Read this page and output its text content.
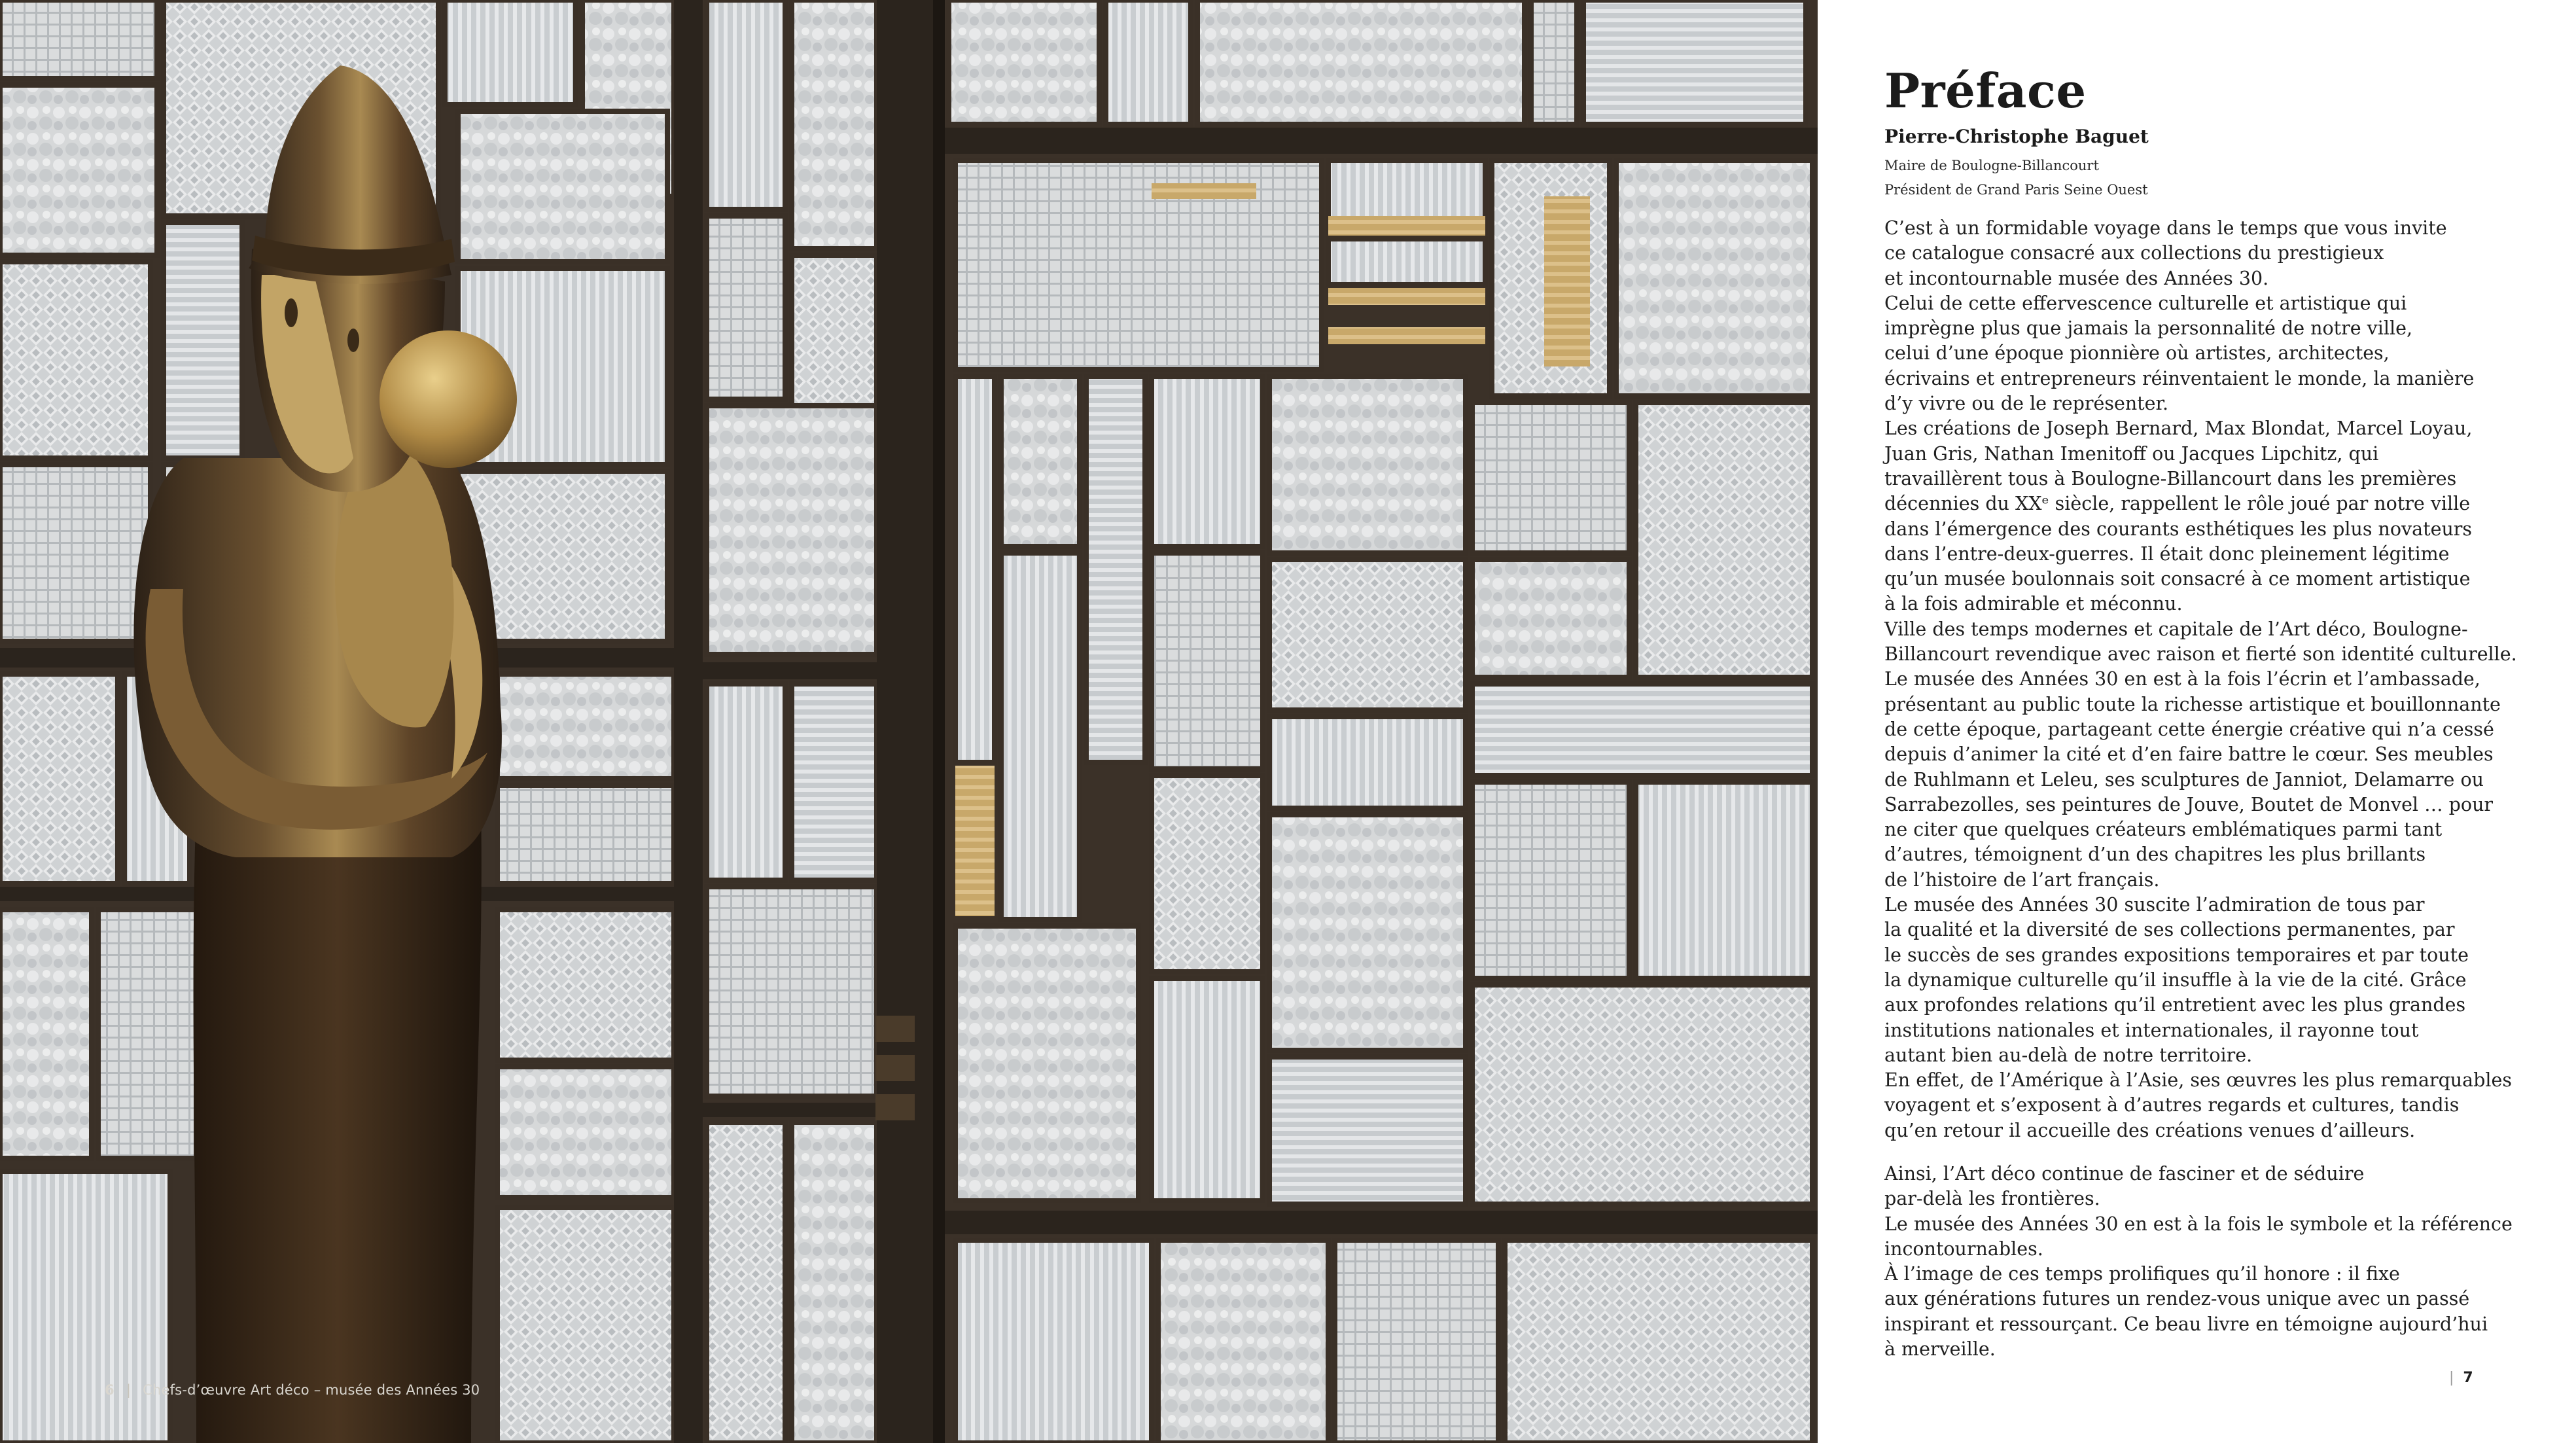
6 | Chefs-d’œuvre Art déco – musée des Années 30
Préface
Pierre-Christophe Baguet

Maire de Boulogne-Billancourt

Président de Grand Paris Seine Ouest

C’est à un formidable voyage dans le temps que vous invite

ce catalogue consacré aux collections du prestigieux

et incontournable musée des Années 30.

Celui de cette effervescence culturelle et artistique qui

imprègne plus que jamais la personnalité de notre ville,

celui d’une époque pionnière où artistes, architectes,

écrivains et entrepreneurs réinventaient le monde, la manière

d’y vivre ou de le représenter.

Les créations de Joseph Bernard, Max Blondat, Marcel Loyau,

Juan Gris, Nathan Imenitoff ou Jacques Lipchitz, qui

travaillèrent tous à Boulogne-Billancourt dans les premières

décennies du XXᵉ siècle, rappellent le rôle joué par notre ville

dans l’émergence des courants esthétiques les plus novateurs

dans l’entre-deux-guerres. Il était donc pleinement légitime

qu’un musée boulonnais soit consacré à ce moment artistique

à la fois admirable et méconnu.

Ville des temps modernes et capitale de l’Art déco, Boulogne-

Billancourt revendique avec raison et fierté son identité culturelle.

Le musée des Années 30 en est à la fois l’écrin et l’ambassade,

présentant au public toute la richesse artistique et bouillonnante

de cette époque, partageant cette énergie créative qui n’a cessé

depuis d’animer la cité et d’en faire battre le cœur. Ses meubles

de Ruhlmann et Leleu, ses sculptures de Janniot, Delamarre ou

Sarrabezolles, ses peintures de Jouve, Boutet de Monvel … pour

ne citer que quelques créateurs emblématiques parmi tant

d’autres, témoignent d’un des chapitres les plus brillants

de l’histoire de l’art français.

Le musée des Années 30 suscite l’admiration de tous par

la qualité et la diversité de ses collections permanentes, par

le succès de ses grandes expositions temporaires et par toute

la dynamique culturelle qu’il insuffle à la vie de la cité. Grâce

aux profondes relations qu’il entretient avec les plus grandes

institutions nationales et internationales, il rayonne tout

autant bien au-delà de notre territoire.

En effet, de l’Amérique à l’Asie, ses œuvres les plus remarquables

voyagent et s’exposent à d’autres regards et cultures, tandis

qu’en retour il accueille des créations venues d’ailleurs.

Ainsi, l’Art déco continue de fasciner et de séduire

par-delà les frontières.

Le musée des Années 30 en est à la fois le symbole et la référence

incontournables.

À l’image de ces temps prolifiques qu’il honore : il fixe

aux générations futures un rendez-vous unique avec un passé

inspirant et ressourçant. Ce beau livre en témoigne aujourd’hui

à merveille.

| 7
